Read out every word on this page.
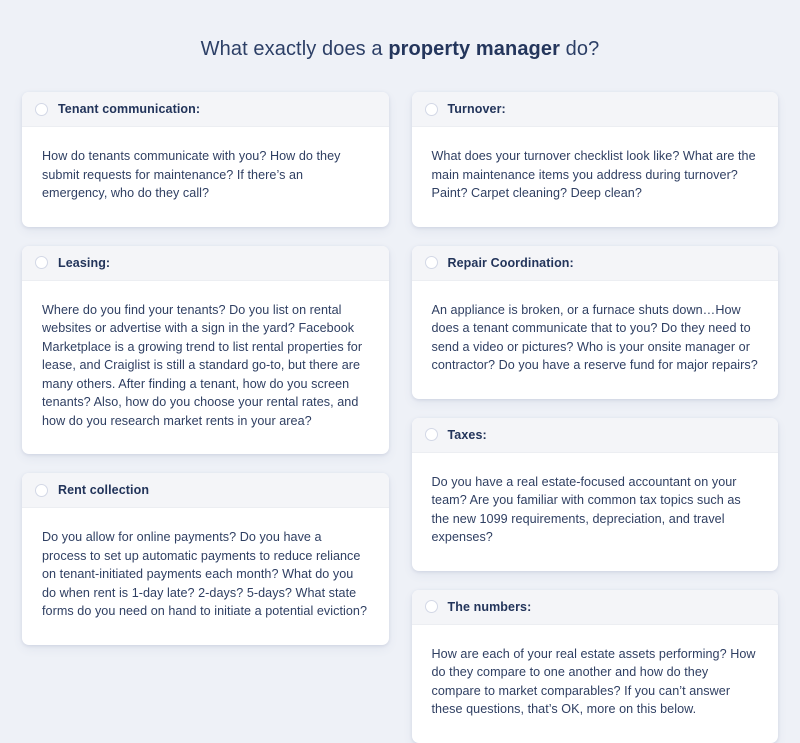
What exactly does a property manager do?
Tenant communication:

How do tenants communicate with you? How do they submit requests for maintenance? If there’s an emergency, who do they call?

Leasing:

Where do you find your tenants? Do you list on rental websites or advertise with a sign in the yard? Facebook Marketplace is a growing trend to list rental properties for lease, and Craiglist is still a standard go-to, but there are many others. After finding a tenant, how do you screen tenants? Also, how do you choose your rental rates, and how do you research market rents in your area?

Rent collection

Do you allow for online payments? Do you have a process to set up automatic payments to reduce reliance on tenant-initiated payments each month? What do you do when rent is 1-day late? 2-days? 5-days? What state forms do you need on hand to initiate a potential eviction?

Turnover:

What does your turnover checklist look like? What are the main maintenance items you address during turnover? Paint? Carpet cleaning? Deep clean?

Repair Coordination:

An appliance is broken, or a furnace shuts down…How does a tenant communicate that to you? Do they need to send a video or pictures? Who is your onsite manager or contractor? Do you have a reserve fund for major repairs?

Taxes:

Do you have a real estate-focused accountant on your team? Are you familiar with common tax topics such as the new 1099 requirements, depreciation, and travel expenses?

The numbers:

How are each of your real estate assets performing? How do they compare to one another and how do they compare to market comparables? If you can’t answer these questions, that’s OK, more on this below.
